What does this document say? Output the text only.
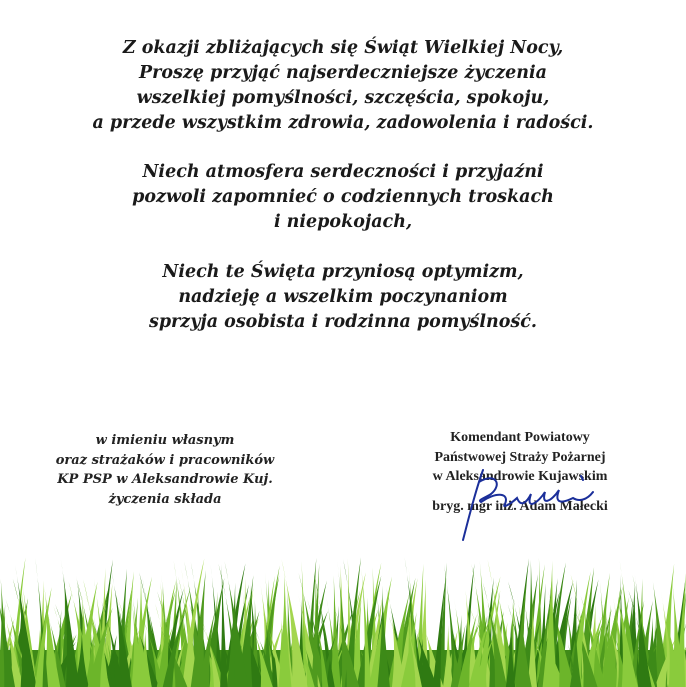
Z okazji zbliżających się Świąt Wielkiej Nocy,

Proszę przyjąć najserdeczniejsze życzenia

wszelkiej pomyślności, szczęścia, spokoju,

a przede wszystkim zdrowia, zadowolenia i radości.

Niech atmosfera serdeczności i przyjaźni

pozwoli zapomnieć o codziennych troskach

i niepokojach,

Niech te Święta przyniosą optymizm,

nadzieję a wszelkim poczynaniom

sprzyja osobista i rodzinna pomyślność.

w imieniu własnym
oraz strażaków i pracowników
KP PSP w Aleksandrowie Kuj.
życzenia składa
Komendant Powiatowy
Państwowej Straży Pożarnej
w Aleksandrowie Kujawskim
bryg. mgr inż. Adam Małecki
